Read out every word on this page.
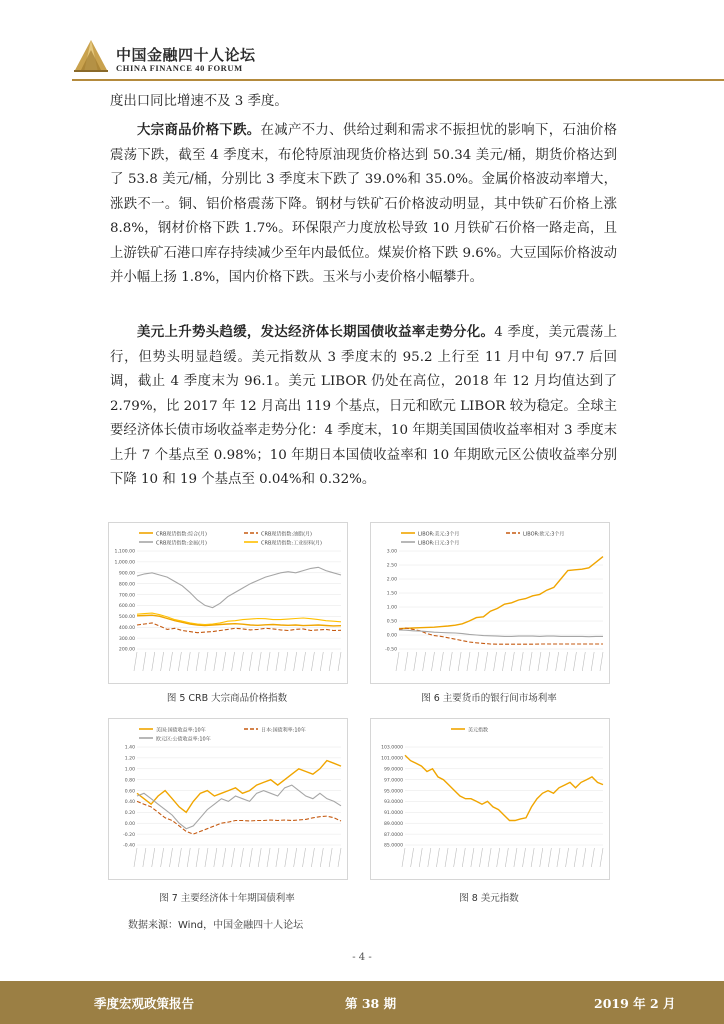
中国金融四十人论坛
CHINA FINANCE 40 FORUM

度出口同比增速不及 3 季度。

大宗商品价格下跌。在减产不力、供给过剩和需求不振担忧的影响下，石油价格震荡下跌，截至 4 季度末，布伦特原油现货价格达到 50.34 美元/桶，期货价格达到了 53.8 美元/桶，分别比 3 季度末下跌了 39.0%和 35.0%。金属价格波动率增大，涨跌不一。铜、铝价格震荡下降。钢材与铁矿石价格波动明显，其中铁矿石价格上涨 8.8%，钢材价格下跌 1.7%。环保限产力度放松导致 10 月铁矿石价格一路走高，且上游铁矿石港口库存持续减少至年内最低位。煤炭价格下跌 9.6%。大豆国际价格波动并小幅上扬 1.8%，国内价格下跌。玉米与小麦价格小幅攀升。

美元上升势头趋缓，发达经济体长期国债收益率走势分化。4 季度，美元震荡上行，但势头明显趋缓。美元指数从 3 季度末的 95.2 上行至 11 月中旬 97.7 后回调，截止 4 季度末为 96.1。美元 LIBOR 仍处在高位，2018 年 12 月均值达到了 2.79%，比 2017 年 12 月高出 119 个基点，日元和欧元 LIBOR 较为稳定。全球主要经济体长债市场收益率走势分化：4 季度末，10 年期美国国债收益率相对 3 季度末上升 7 个基点至 0.98%；10 年期日本国债收益率和 10 年期欧元区公债收益率分别下降 10 和 19 个基点至 0.04%和 0.32%。

CRB现货指数:综合(月)	CRB现货指数:油脂(月)
CRB现货指数:金属(月)	CRB现货指数:工业原料(月)
1,100.00
1,000.00
900.00
800.00
700.00
600.00
500.00
400.00
300.00
200.00
LIBOR:美元:3个月	LIBOR:欧元:3个月
LIBOR:日元:3个月
3.00
2.50
2.00
1.50
1.00
0.50
0.00
-0.50
美国:国债收益率:10年	日本:国债利率:10年
欧元区:公债收益率:10年
1.40
1.20
1.00
0.80
0.60
0.40
0.20
0.00
-0.20
-0.40
美元指数
103.0000
101.0000
99.0000
97.0000
95.0000
93.0000
91.0000
89.0000
87.0000
85.0000
图 5 CRB 大宗商品价格指数	图 6 主要货币的银行间市场利率
图 7 主要经济体十年期国债利率	图 8 美元指数
数据来源：Wind，中国金融四十人论坛
- 4 -
季度宏观政策报告	第 38 期	2019 年 2 月
